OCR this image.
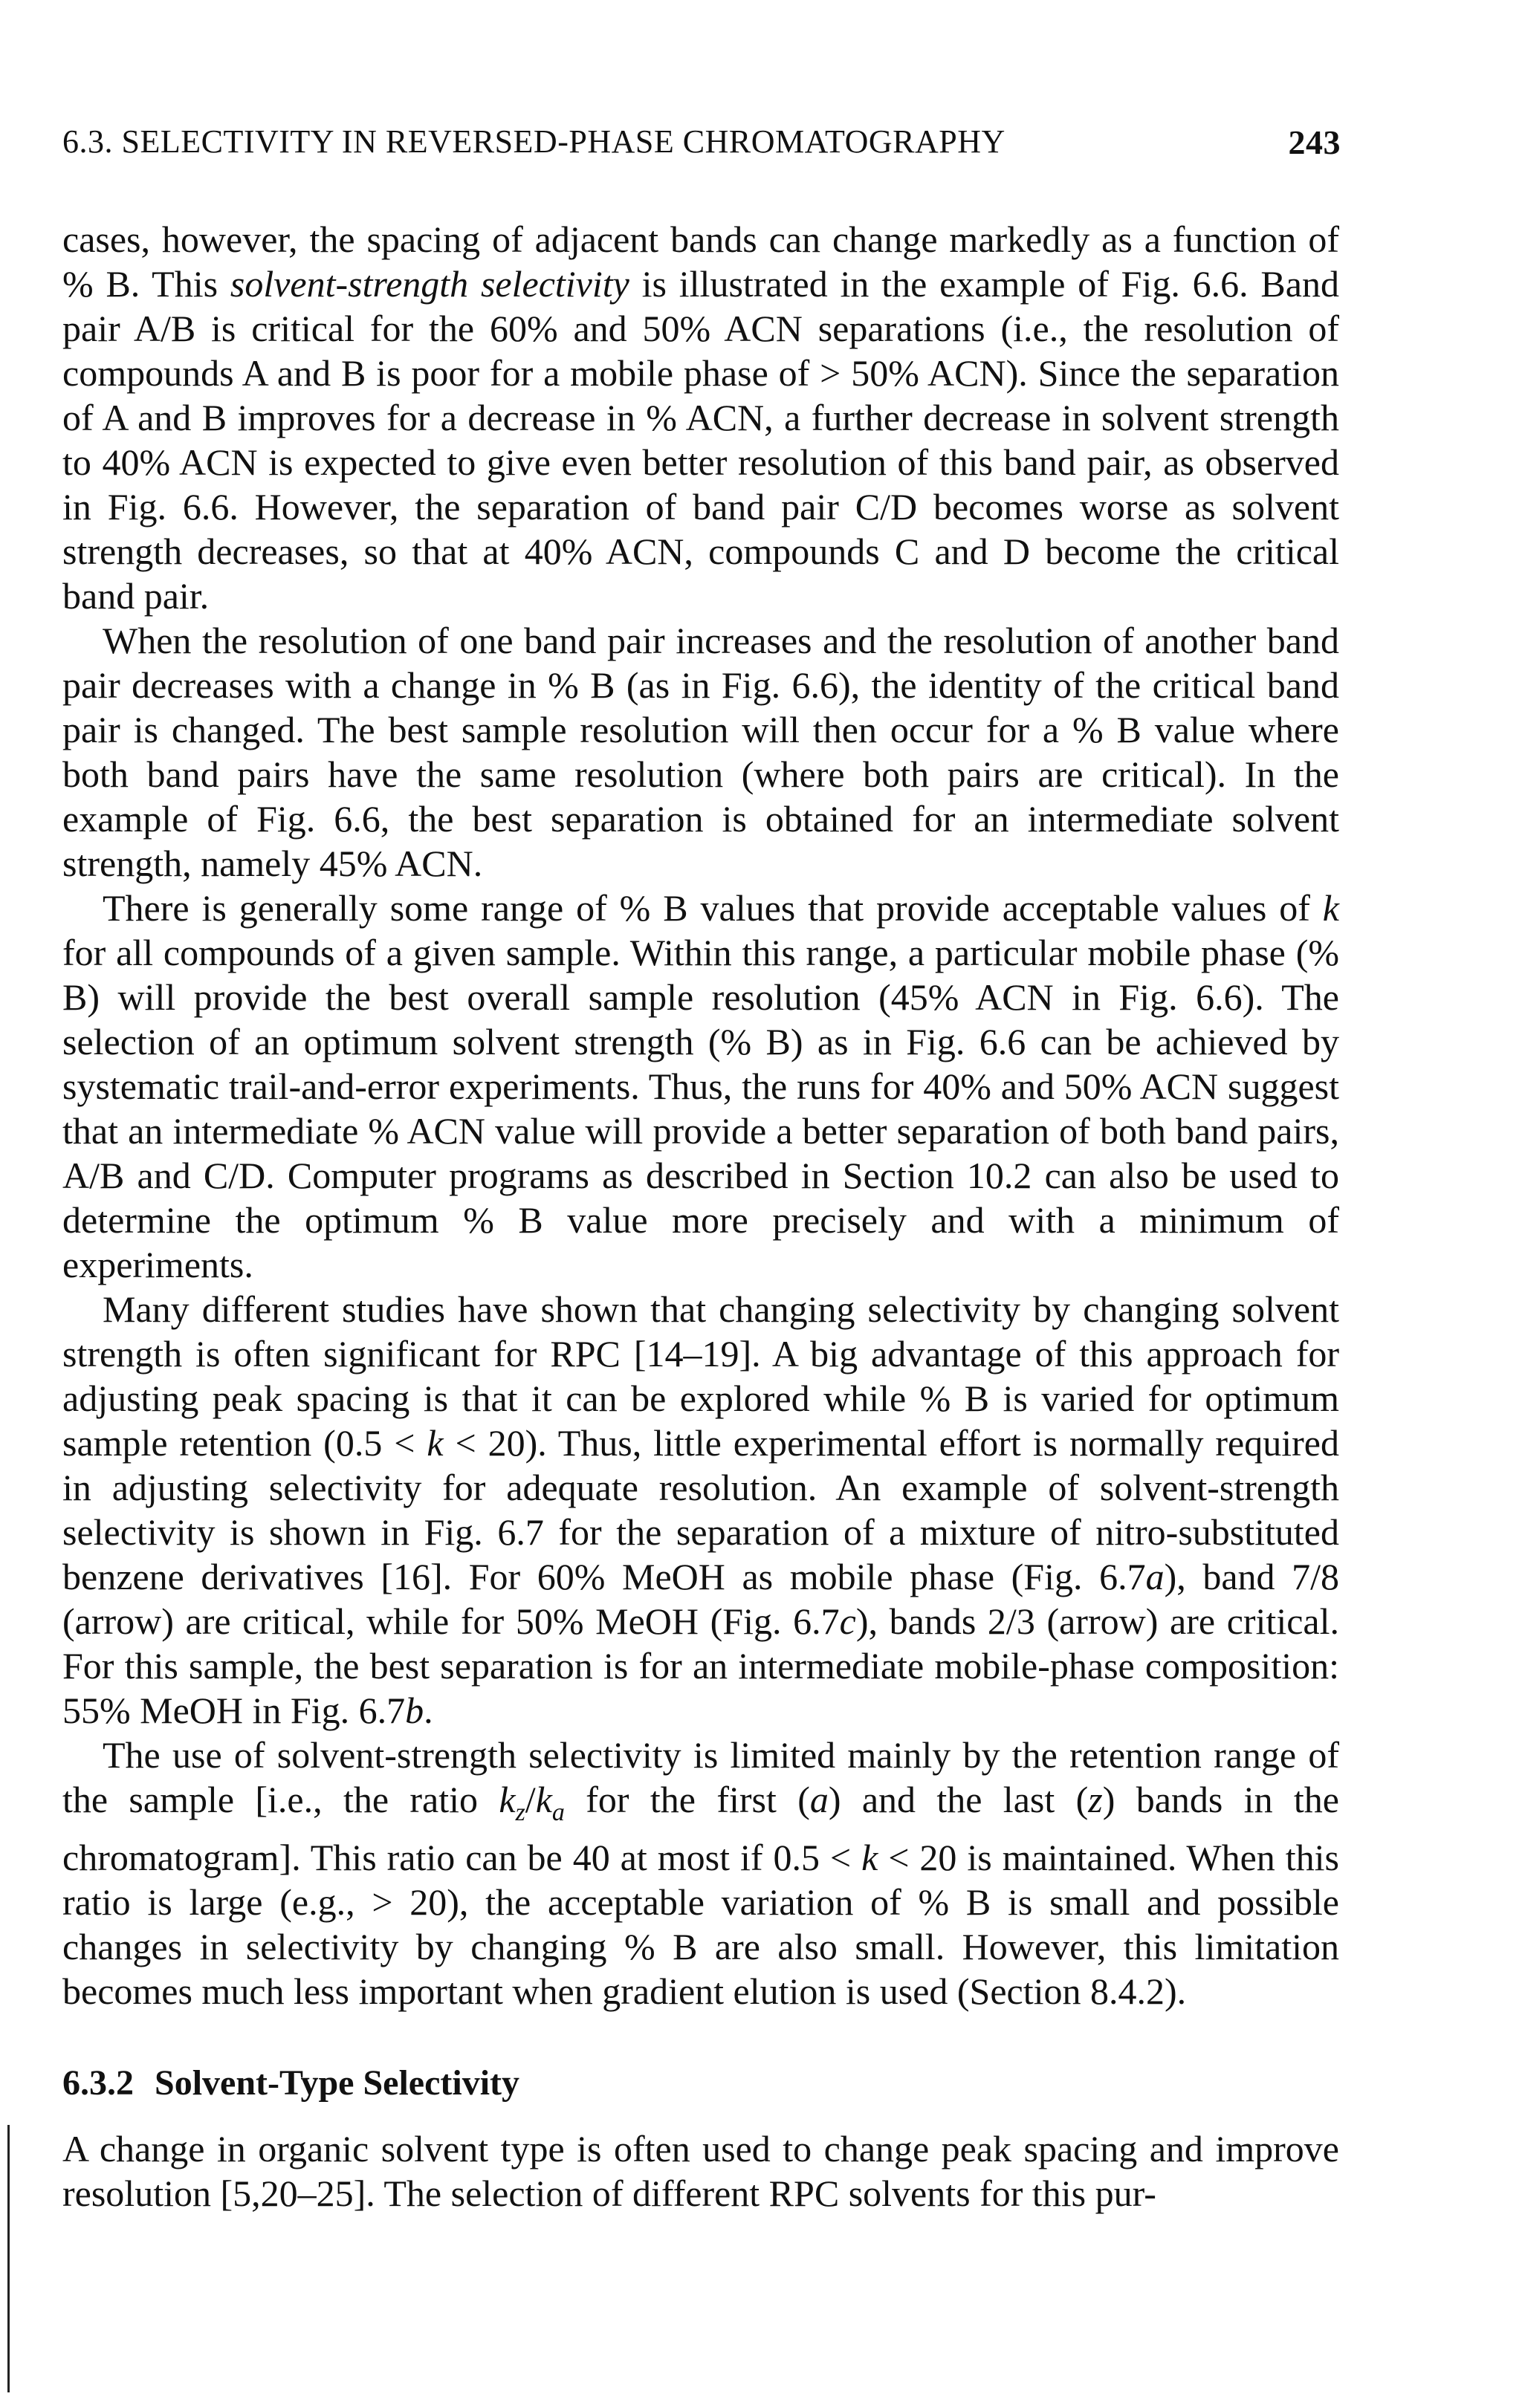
6.3. SELECTIVITY IN REVERSED-PHASE CHROMATOGRAPHY	243

cases, however, the spacing of adjacent bands can change markedly as a function of % B. This solvent-strength selectivity is illustrated in the example of Fig. 6.6. Band pair A/B is critical for the 60% and 50% ACN separations (i.e., the resolution of compounds A and B is poor for a mobile phase of > 50% ACN). Since the separation of A and B improves for a decrease in % ACN, a further decrease in solvent strength to 40% ACN is expected to give even better resolution of this band pair, as observed in Fig. 6.6. However, the separation of band pair C/D becomes worse as solvent strength decreases, so that at 40% ACN, compounds C and D become the critical band pair.

When the resolution of one band pair increases and the resolution of another band pair decreases with a change in % B (as in Fig. 6.6), the identity of the critical band pair is changed. The best sample resolution will then occur for a % B value where both band pairs have the same resolution (where both pairs are critical). In the example of Fig. 6.6, the best separation is obtained for an intermediate solvent strength, namely 45% ACN.

There is generally some range of % B values that provide acceptable values of k for all compounds of a given sample. Within this range, a particular mobile phase (% B) will provide the best overall sample resolution (45% ACN in Fig. 6.6). The selection of an optimum solvent strength (% B) as in Fig. 6.6 can be achieved by systematic trail-and-error experiments. Thus, the runs for 40% and 50% ACN suggest that an intermediate % ACN value will provide a better separation of both band pairs, A/B and C/D. Computer programs as described in Section 10.2 can also be used to determine the optimum % B value more precisely and with a minimum of experiments.

Many different studies have shown that changing selectivity by changing solvent strength is often significant for RPC [14–19]. A big advantage of this approach for adjusting peak spacing is that it can be explored while % B is varied for optimum sample retention (0.5 < k < 20). Thus, little experimental effort is normally required in adjusting selectivity for adequate resolution. An example of solvent-strength selectivity is shown in Fig. 6.7 for the separation of a mixture of nitro-substituted benzene derivatives [16]. For 60% MeOH as mobile phase (Fig. 6.7a), band 7/8 (arrow) are critical, while for 50% MeOH (Fig. 6.7c), bands 2/3 (arrow) are critical. For this sample, the best separation is for an intermediate mobile-phase composition: 55% MeOH in Fig. 6.7b.

The use of solvent-strength selectivity is limited mainly by the retention range of the sample [i.e., the ratio $k_z/k_a$ for the first (a) and the last (z) bands in the chromatogram]. This ratio can be 40 at most if 0.5 < k < 20 is maintained. When this ratio is large (e.g., > 20), the acceptable variation of % B is small and possible changes in selectivity by changing % B are also small. However, this limitation becomes much less important when gradient elution is used (Section 8.4.2).

6.3.2 Solvent-Type Selectivity

A change in organic solvent type is often used to change peak spacing and improve resolution [5,20–25]. The selection of different RPC solvents for this pur-
